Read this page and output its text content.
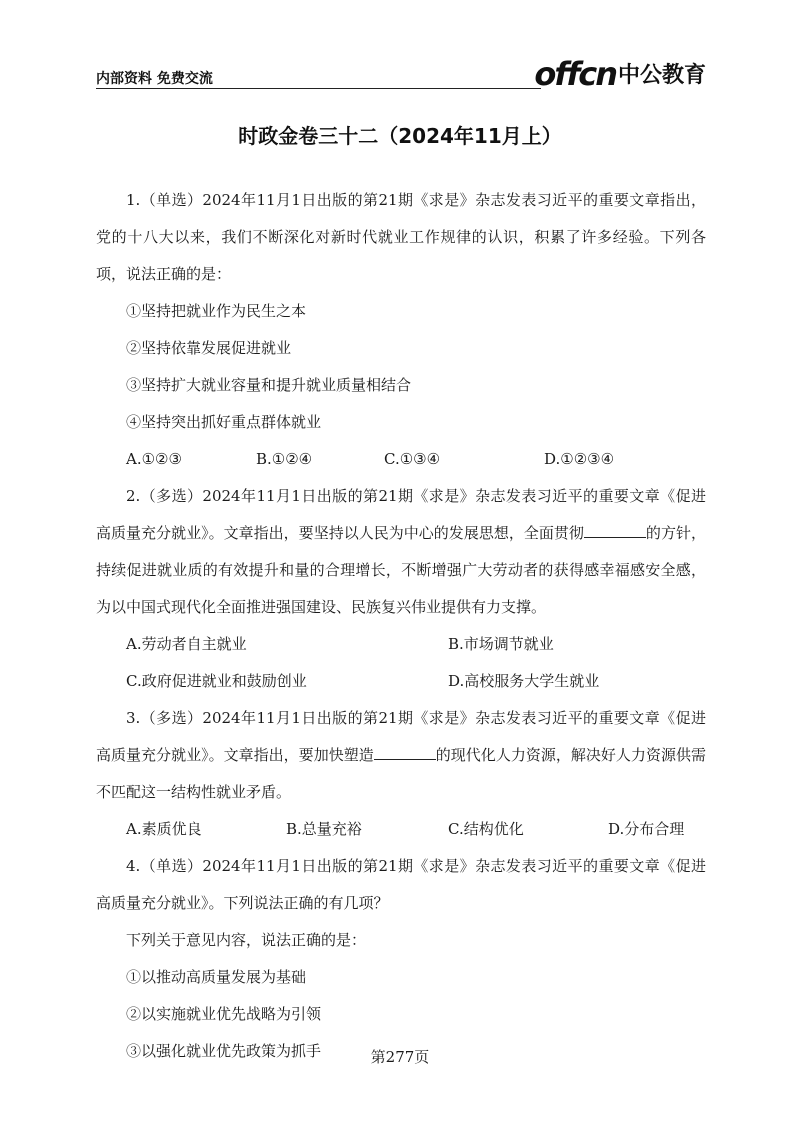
内部资料 免费交流	offcn 中公教育
时政金卷三十二（2024年11月上）

1.（单选）2024年11月1日出版的第21期《求是》杂志发表习近平的重要文章指出，党的十八大以来，我们不断深化对新时代就业工作规律的认识，积累了许多经验。下列各项，说法正确的是：

①坚持把就业作为民生之本
②坚持依靠发展促进就业
③坚持扩大就业容量和提升就业质量相结合
④坚持突出抓好重点群体就业
A.①②③	B.①②④	C.①③④	D.①②③④

2.（多选）2024年11月1日出版的第21期《求是》杂志发表习近平的重要文章《促进高质量充分就业》。文章指出，要坚持以人民为中心的发展思想，全面贯彻	的方针，持续促进就业质的有效提升和量的合理增长，不断增强广大劳动者的获得感幸福感安全感，为以中国式现代化全面推进强国建设、民族复兴伟业提供有力支撑。

A.劳动者自主就业	B.市场调节就业
C.政府促进就业和鼓励创业	D.高校服务大学生就业

3.（多选）2024年11月1日出版的第21期《求是》杂志发表习近平的重要文章《促进高质量充分就业》。文章指出，要加快塑造	的现代化人力资源，解决好人力资源供需不匹配这一结构性就业矛盾。

A.素质优良	B.总量充裕	C.结构优化	D.分布合理

4.（单选）2024年11月1日出版的第21期《求是》杂志发表习近平的重要文章《促进高质量充分就业》。下列说法正确的有几项？

下列关于意见内容，说法正确的是：
①以推动高质量发展为基础
②以实施就业优先战略为引领
③以强化就业优先政策为抓手	第277页
